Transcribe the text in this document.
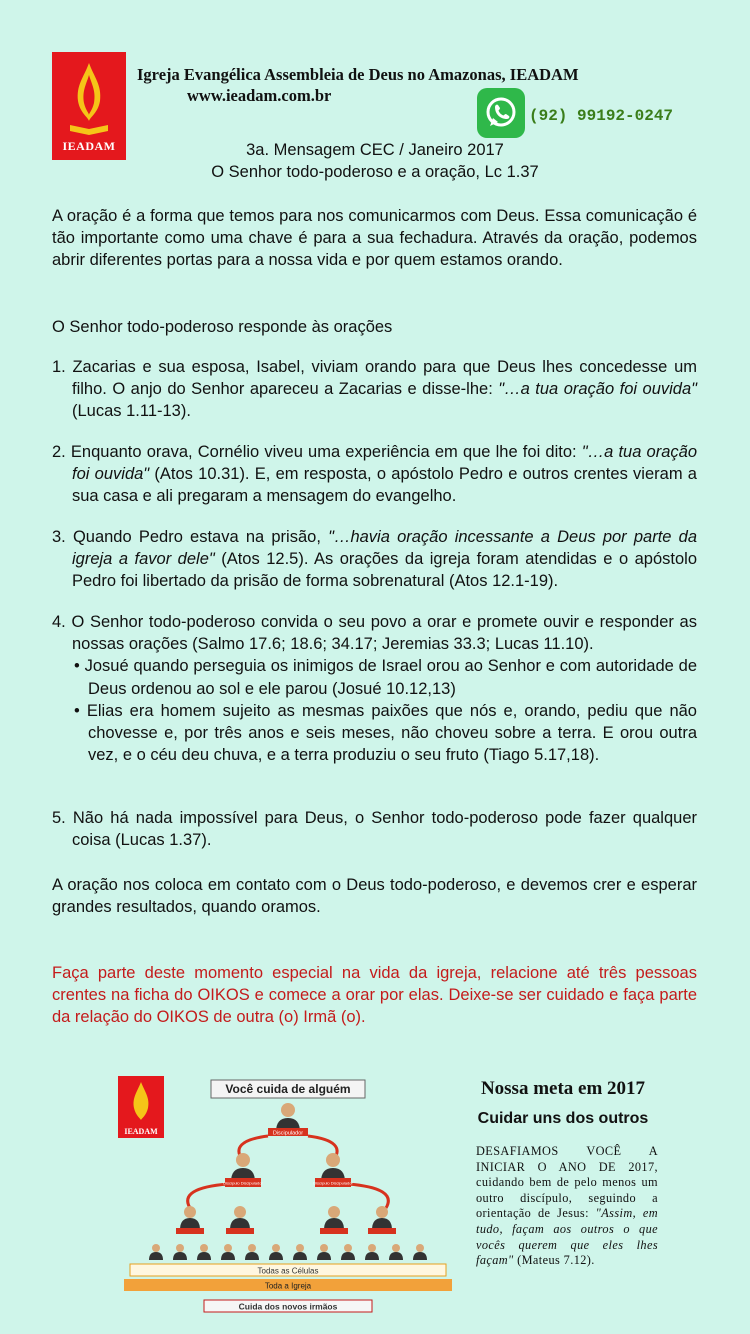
IEADAM
Igreja Evangélica Assembleia de Deus no Amazonas, IEADAM
www.ieadam.com.br
(92) 99192-0247
3a. Mensagem CEC / Janeiro 2017
O Senhor todo-poderoso e a oração, Lc 1.37

A oração é a forma que temos para nos comunicarmos com Deus. Essa comunicação é tão importante como uma chave é para a sua fechadura. Através da oração, podemos abrir diferentes portas para a nossa vida e por quem estamos orando.

O Senhor todo-poderoso responde às orações

1. Zacarias e sua esposa, Isabel, viviam orando para que Deus lhes concedesse um filho. O anjo do Senhor apareceu a Zacarias e disse-lhe: "…a tua oração foi ouvida" (Lucas 1.11-13).

2. Enquanto orava, Cornélio viveu uma experiência em que lhe foi dito: "…a tua oração foi ouvida" (Atos 10.31). E, em resposta, o apóstolo Pedro e outros crentes vieram a sua casa e ali pregaram a mensagem do evangelho.

3. Quando Pedro estava na prisão, "…havia oração incessante a Deus por parte da igreja a favor dele" (Atos 12.5). As orações da igreja foram atendidas e o apóstolo Pedro foi libertado da prisão de forma sobrenatural (Atos 12.1-19).

4. O Senhor todo-poderoso convida o seu povo a orar e promete ouvir e responder as nossas orações (Salmo 17.6; 18.6; 34.17; Jeremias 33.3; Lucas 11.10).

• Josué quando perseguia os inimigos de Israel orou ao Senhor e com autoridade de Deus ordenou ao sol e ele parou (Josué 10.12,13)

• Elias era homem sujeito as mesmas paixões que nós e, orando, pediu que não chovesse e, por três anos e seis meses, não choveu sobre a terra. E orou outra vez, e o céu deu chuva, e a terra produziu o seu fruto (Tiago 5.17,18).

5. Não há nada impossível para Deus, o Senhor todo-poderoso pode fazer qualquer coisa (Lucas 1.37).

A oração nos coloca em contato com o Deus todo-poderoso, e devemos crer e esperar grandes resultados, quando oramos.

Faça parte deste momento especial na vida da igreja, relacione até três pessoas crentes na ficha do OIKOS e comece a orar por elas. Deixe-se ser cuidado e faça parte da relação do OIKOS de outra (o) Irmã (o).

IEADAM
Você cuida de alguém
Discipulador
Discípulo Discipulador	Discípulo Discipulador
Todas as Células
Toda a Igreja
Cuida dos novos irmãos
Nossa meta em 2017
Cuidar uns dos outros
DESAFIAMOS VOCÊ A INICIAR O ANO DE 2017, cuidando bem de pelo menos um outro discípulo, seguindo a orientação de Jesus: "Assim, em tudo, façam aos outros o que vocês querem que eles lhes façam" (Mateus 7.12).
